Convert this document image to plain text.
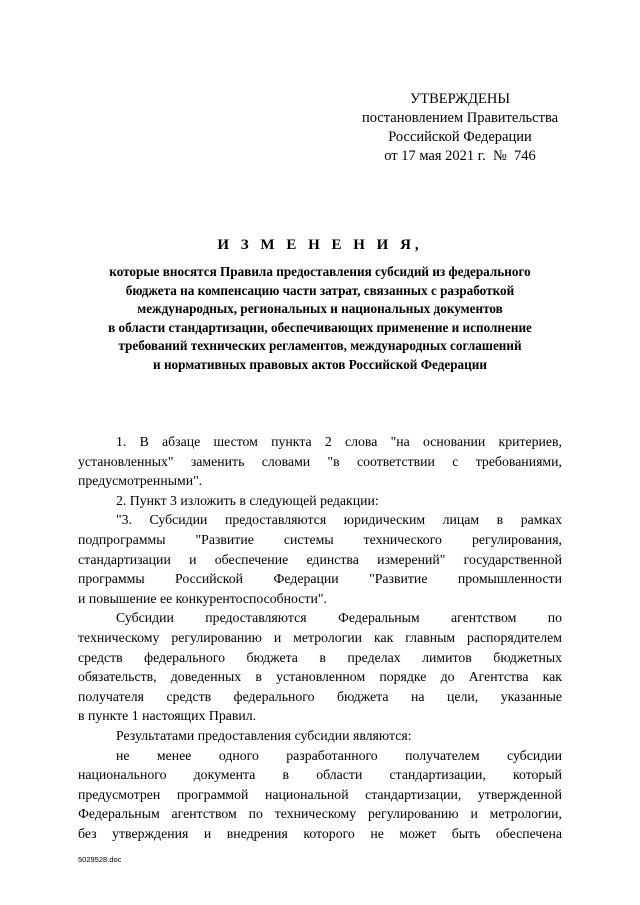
УТВЕРЖДЕНЫ
постановлением Правительства
Российской Федерации
от 17 мая 2021 г.  №  746
И З М Е Н Е Н И Я,
которые вносятся Правила предоставления субсидий из федерального
бюджета на компенсацию части затрат, связанных с разработкой
международных, региональных и национальных документов
в области стандартизации, обеспечивающих применение и исполнение
требований технических регламентов, международных соглашений
и нормативных правовых актов Российской Федерации
1. В абзаце шестом пункта 2 слова "на основании критериев,
установленных" заменить словами "в соответствии с требованиями,
предусмотренными".
2. Пункт 3 изложить в следующей редакции:
"3. Субсидии предоставляются юридическим лицам в рамках
подпрограммы "Развитие системы технического регулирования,
стандартизации и обеспечение единства измерений" государственной
программы Российской Федерации "Развитие промышленности
и повышение ее конкурентоспособности".
Субсидии предоставляются Федеральным агентством по
техническому регулированию и метрологии как главным распорядителем
средств федерального бюджета в пределах лимитов бюджетных
обязательств, доведенных в установленном порядке до Агентства как
получателя средств федерального бюджета на цели, указанные
в пункте 1 настоящих Правил.
Результатами предоставления субсидии являются:
не менее одного разработанного получателем субсидии
национального документа в области стандартизации, который
предусмотрен программой национальной стандартизации, утвержденной
Федеральным агентством по техническому регулированию и метрологии,
без утверждения и внедрения которого не может быть обеспечена
5029528.doc
